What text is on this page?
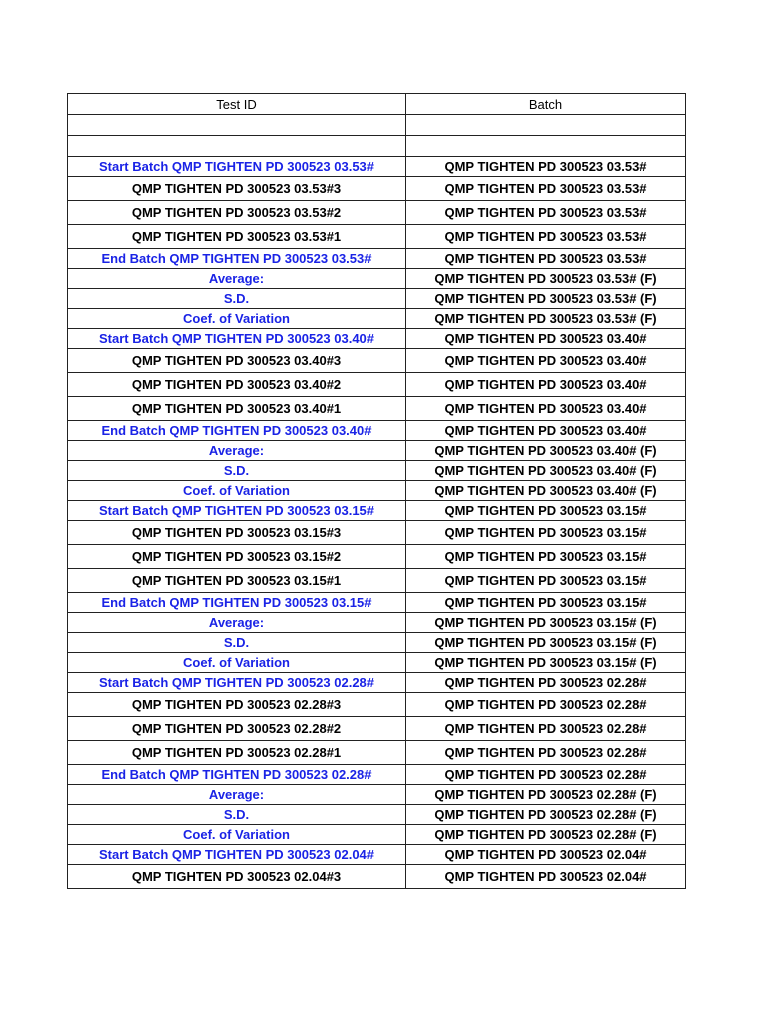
Test ID	Batch

Start Batch QMP TIGHTEN PD 300523 03.53#	QMP TIGHTEN PD 300523 03.53#
QMP TIGHTEN PD 300523 03.53#3	QMP TIGHTEN PD 300523 03.53#
QMP TIGHTEN PD 300523 03.53#2	QMP TIGHTEN PD 300523 03.53#
QMP TIGHTEN PD 300523 03.53#1	QMP TIGHTEN PD 300523 03.53#
End Batch QMP TIGHTEN PD 300523 03.53#	QMP TIGHTEN PD 300523 03.53#
Average:	QMP TIGHTEN PD 300523 03.53# (F)
S.D.	QMP TIGHTEN PD 300523 03.53# (F)
Coef. of Variation	QMP TIGHTEN PD 300523 03.53# (F)
Start Batch QMP TIGHTEN PD 300523 03.40#	QMP TIGHTEN PD 300523 03.40#
QMP TIGHTEN PD 300523 03.40#3	QMP TIGHTEN PD 300523 03.40#
QMP TIGHTEN PD 300523 03.40#2	QMP TIGHTEN PD 300523 03.40#
QMP TIGHTEN PD 300523 03.40#1	QMP TIGHTEN PD 300523 03.40#
End Batch QMP TIGHTEN PD 300523 03.40#	QMP TIGHTEN PD 300523 03.40#
Average:	QMP TIGHTEN PD 300523 03.40# (F)
S.D.	QMP TIGHTEN PD 300523 03.40# (F)
Coef. of Variation	QMP TIGHTEN PD 300523 03.40# (F)
Start Batch QMP TIGHTEN PD 300523 03.15#	QMP TIGHTEN PD 300523 03.15#
QMP TIGHTEN PD 300523 03.15#3	QMP TIGHTEN PD 300523 03.15#
QMP TIGHTEN PD 300523 03.15#2	QMP TIGHTEN PD 300523 03.15#
QMP TIGHTEN PD 300523 03.15#1	QMP TIGHTEN PD 300523 03.15#
End Batch QMP TIGHTEN PD 300523 03.15#	QMP TIGHTEN PD 300523 03.15#
Average:	QMP TIGHTEN PD 300523 03.15# (F)
S.D.	QMP TIGHTEN PD 300523 03.15# (F)
Coef. of Variation	QMP TIGHTEN PD 300523 03.15# (F)
Start Batch QMP TIGHTEN PD 300523 02.28#	QMP TIGHTEN PD 300523 02.28#
QMP TIGHTEN PD 300523 02.28#3	QMP TIGHTEN PD 300523 02.28#
QMP TIGHTEN PD 300523 02.28#2	QMP TIGHTEN PD 300523 02.28#
QMP TIGHTEN PD 300523 02.28#1	QMP TIGHTEN PD 300523 02.28#
End Batch QMP TIGHTEN PD 300523 02.28#	QMP TIGHTEN PD 300523 02.28#
Average:	QMP TIGHTEN PD 300523 02.28# (F)
S.D.	QMP TIGHTEN PD 300523 02.28# (F)
Coef. of Variation	QMP TIGHTEN PD 300523 02.28# (F)
Start Batch QMP TIGHTEN PD 300523 02.04#	QMP TIGHTEN PD 300523 02.04#
QMP TIGHTEN PD 300523 02.04#3	QMP TIGHTEN PD 300523 02.04#
